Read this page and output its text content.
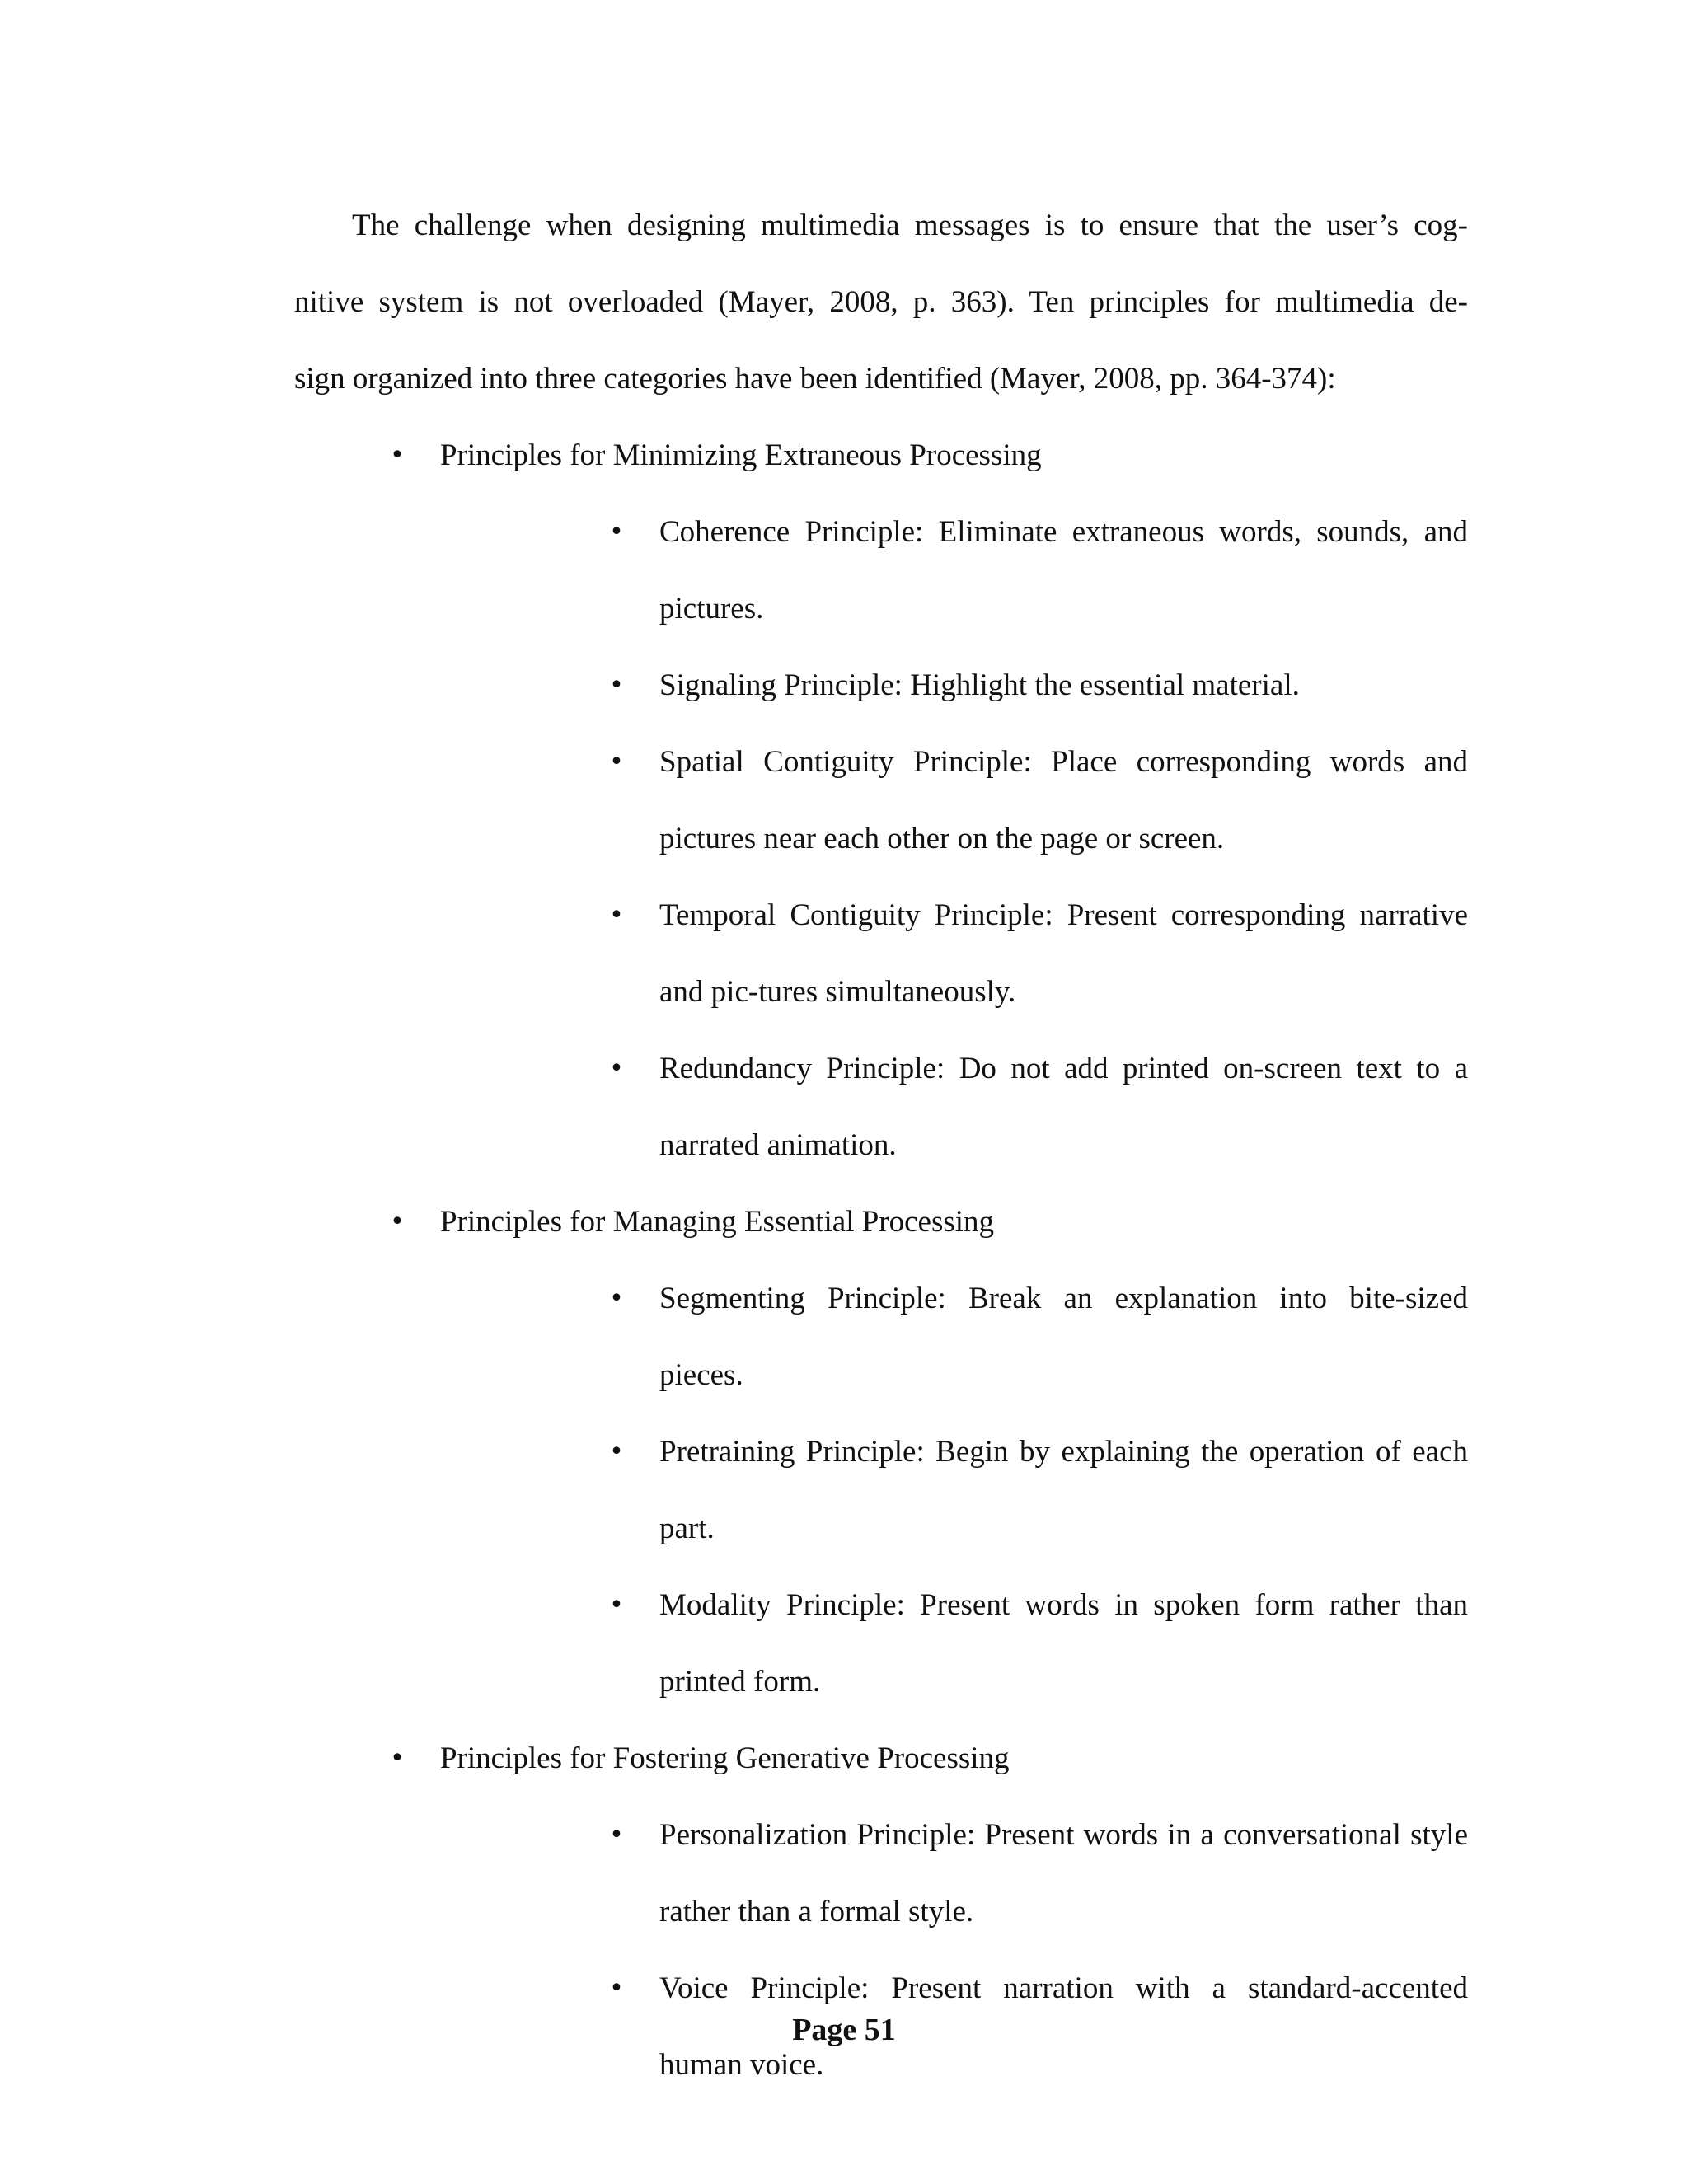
The challenge when designing multimedia messages is to ensure that the user’s cog-
nitive system is not overloaded (Mayer, 2008, p. 363). Ten principles for multimedia de-
sign organized into three categories have been identified (Mayer, 2008, pp. 364-374):

• Principles for Minimizing Extraneous Processing
• Coherence Principle: Eliminate extraneous words, sounds, and pictures.
• Signaling Principle: Highlight the essential material.
• Spatial Contiguity Principle: Place corresponding words and pictures near each other on the page or screen.
• Temporal Contiguity Principle: Present corresponding narrative and pic-tures simultaneously.
• Redundancy Principle: Do not add printed on-screen text to a narrated animation.
• Principles for Managing Essential Processing
• Segmenting Principle: Break an explanation into bite-sized pieces.
• Pretraining Principle: Begin by explaining the operation of each part.
• Modality Principle: Present words in spoken form rather than printed form.
• Principles for Fostering Generative Processing
• Personalization Principle: Present words in a conversational style rather than a formal style.
• Voice Principle: Present narration with a standard-accented human voice.
Page 51
